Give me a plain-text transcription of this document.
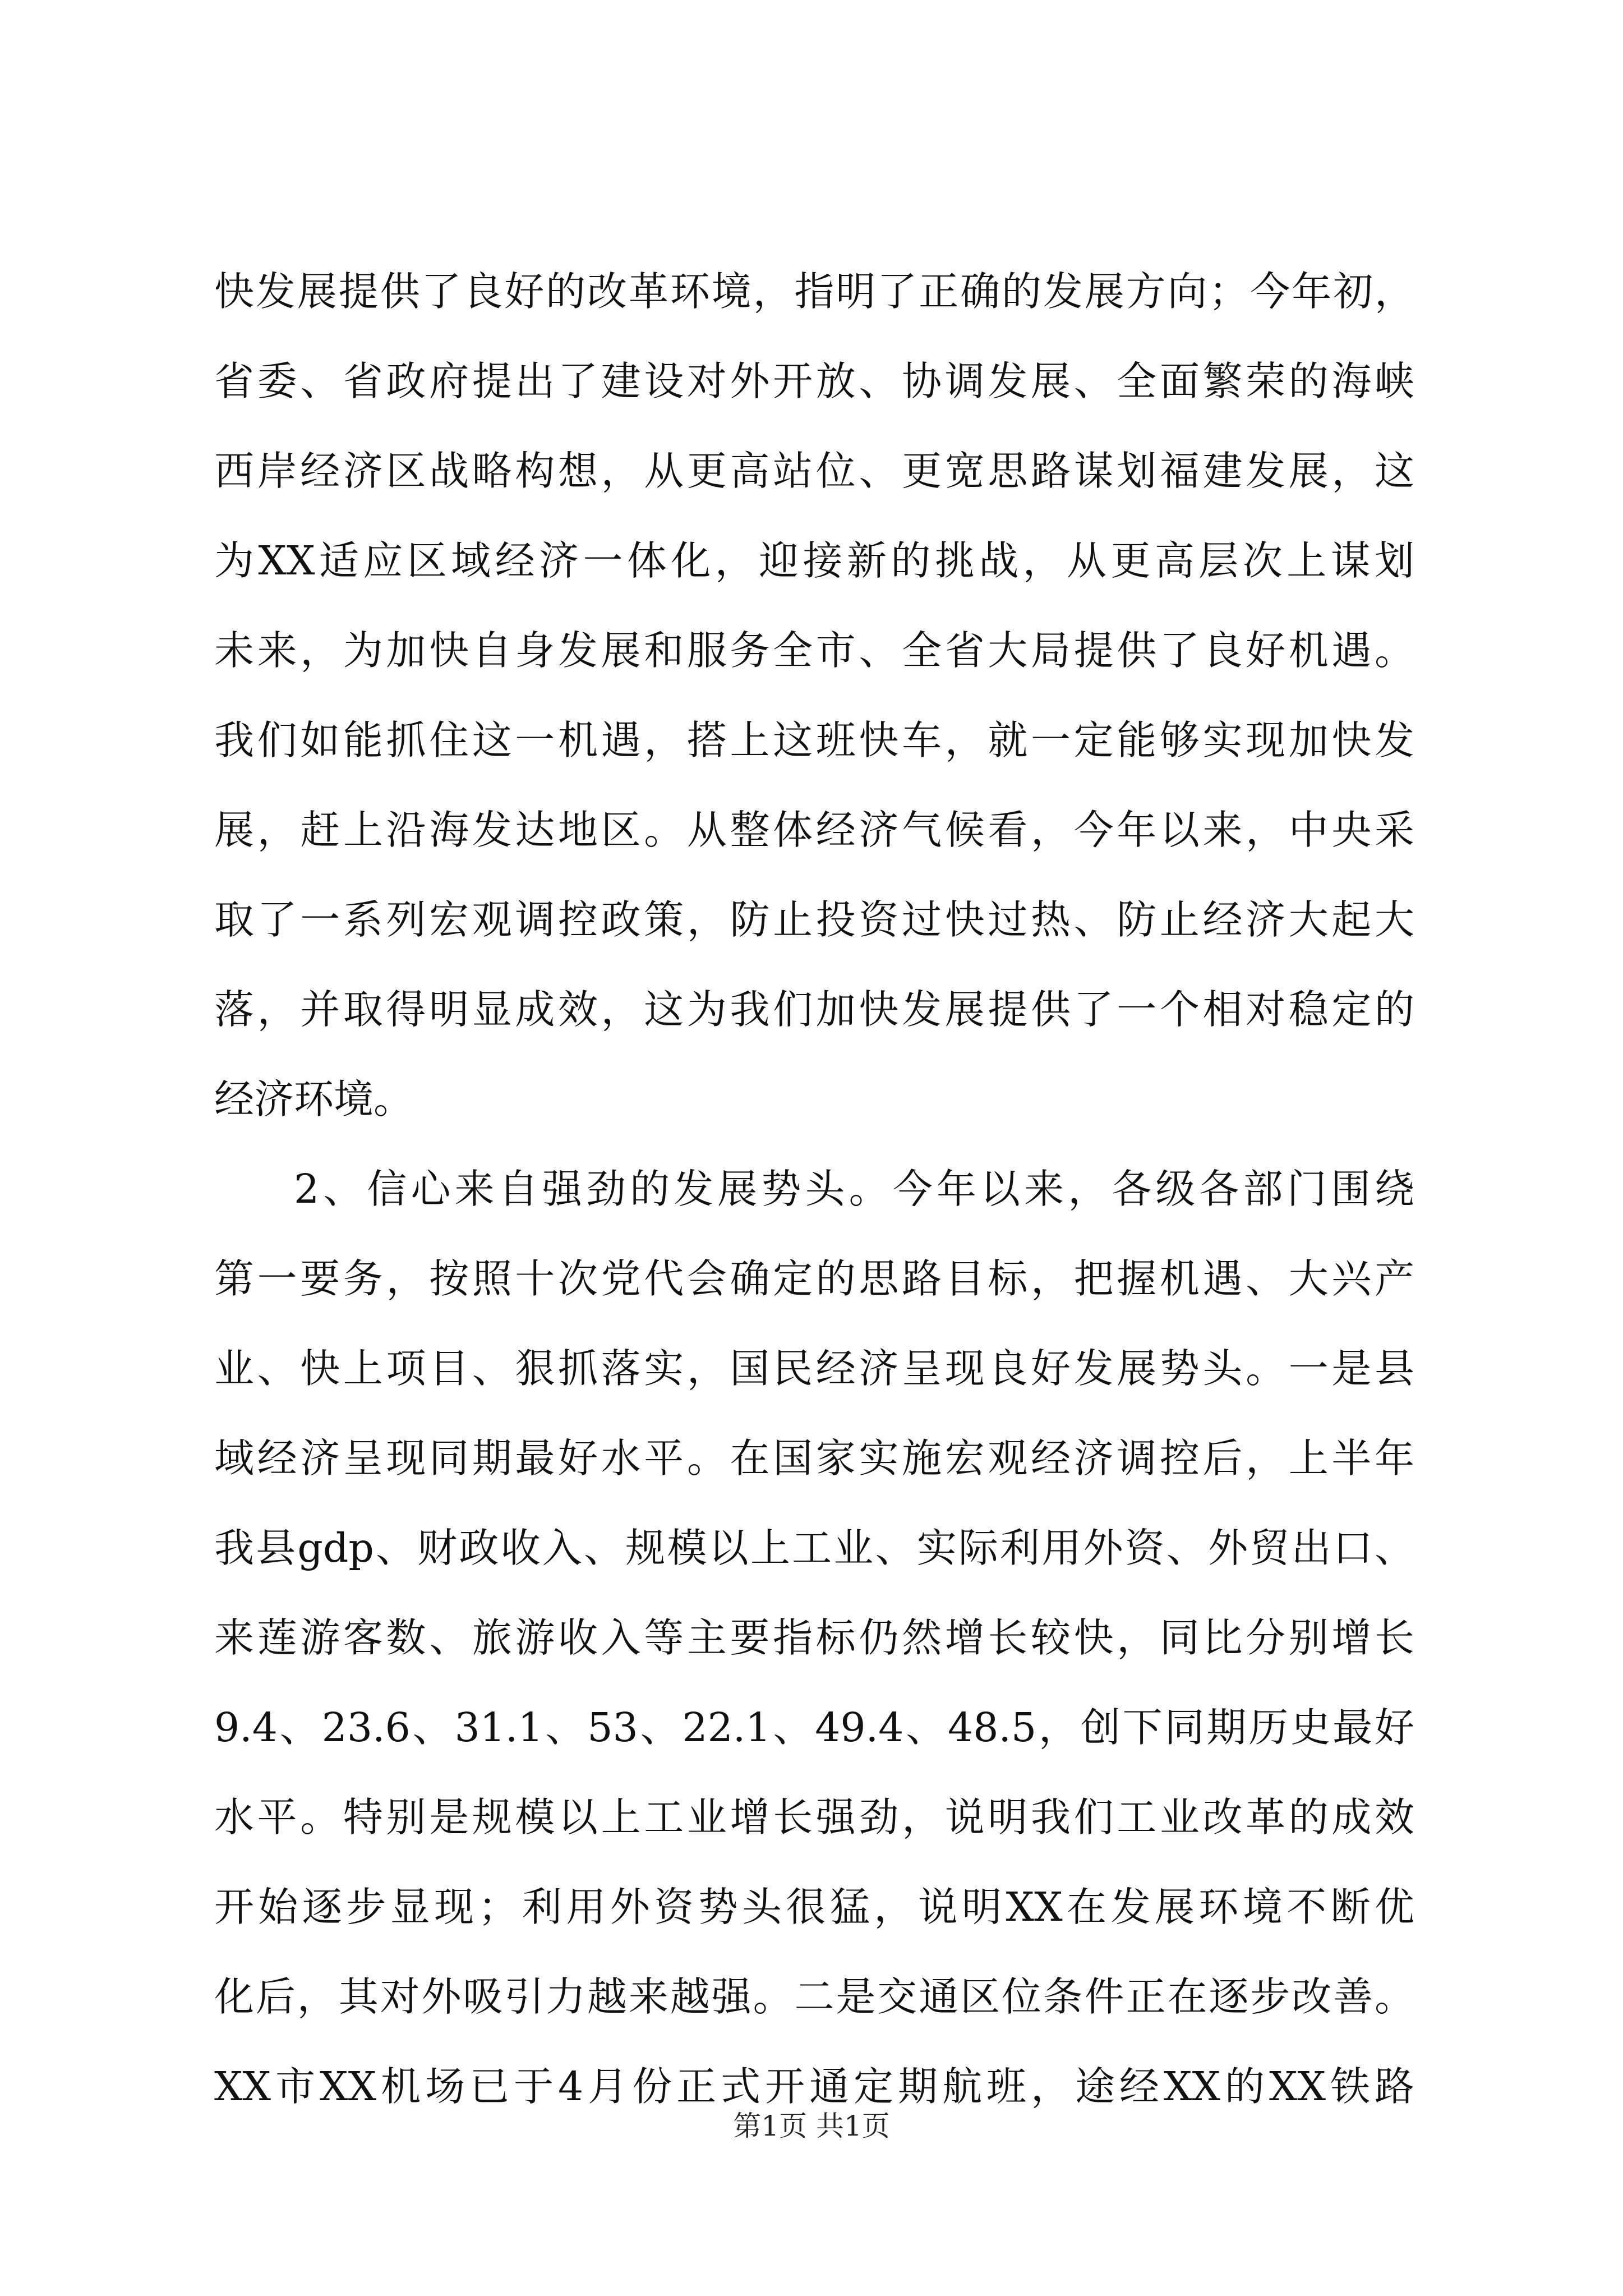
快发展提供了良好的改革环境，指明了正确的发展方向；今年初，
省委、省政府提出了建设对外开放、协调发展、全面繁荣的海峡
西岸经济区战略构想，从更高站位、更宽思路谋划福建发展，这
为XX适应区域经济一体化，迎接新的挑战，从更高层次上谋划
未来，为加快自身发展和服务全市、全省大局提供了良好机遇。
我们如能抓住这一机遇，搭上这班快车，就一定能够实现加快发
展，赶上沿海发达地区。从整体经济气候看，今年以来，中央采
取了一系列宏观调控政策，防止投资过快过热、防止经济大起大
落，并取得明显成效，这为我们加快发展提供了一个相对稳定的
经济环境。
2、信心来自强劲的发展势头。今年以来，各级各部门围绕
第一要务，按照十次党代会确定的思路目标，把握机遇、大兴产
业、快上项目、狠抓落实，国民经济呈现良好发展势头。一是县
域经济呈现同期最好水平。在国家实施宏观经济调控后，上半年
我县gdp、财政收入、规模以上工业、实际利用外资、外贸出口、
来莲游客数、旅游收入等主要指标仍然增长较快，同比分别增长
9.4、23.6、31.1、53、22.1、49.4、48.5，创下同期历史最好
水平。特别是规模以上工业增长强劲，说明我们工业改革的成效
开始逐步显现；利用外资势头很猛，说明XX在发展环境不断优
化后，其对外吸引力越来越强。二是交通区位条件正在逐步改善。
XX市XX机场已于4月份正式开通定期航班，途经XX的XX铁路
第1页 共1页
